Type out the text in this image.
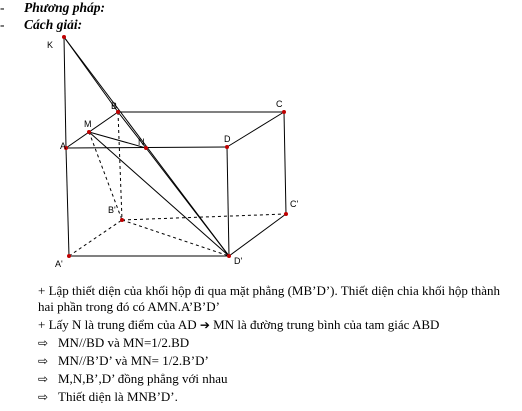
- Phương pháp:
- Cách giải:
K
B	C
M
A	N	D
B'
C'
A'	D'
+ Lập thiết diện của khối hộp đi qua mặt phẳng (MB’D’). Thiết diện chia khối hộp thành hai phần trong đó có AMN.A’B’D’
+ Lấy N là trung điểm của AD ➔ MN là đường trung bình của tam giác ABD
⇨ MN//BD và MN=1/2.BD
⇨ MN//B’D’ và MN= 1/2.B’D’
⇨ M,N,B’,D’ đồng phẳng với nhau
⇨ Thiết diện là MNB’D’.
